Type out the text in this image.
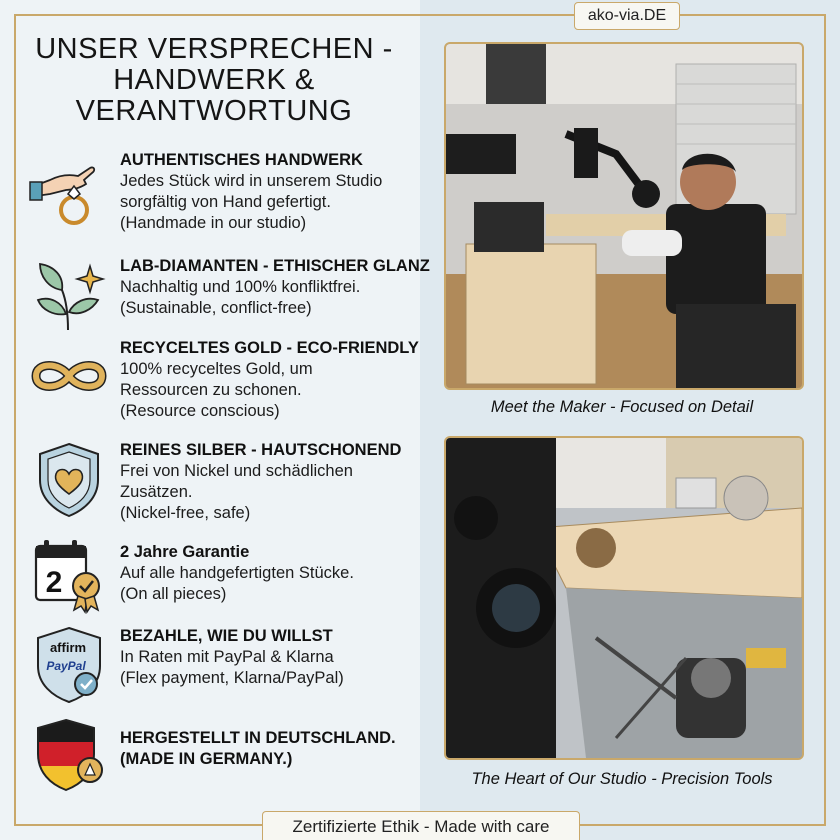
ako-via.DE
UNSER VERSPRECHEN - HANDWERK & VERANTWORTUNG
AUTHENTISCHES HANDWERK
Jedes Stück wird in unserem Studio
sorgfältig von Hand gefertigt.
(Handmade in our studio)
LAB-DIAMANTEN - ETHISCHER GLANZ
Nachhaltig und 100% konfliktfrei.
(Sustainable, conflict-free)
RECYCELTES GOLD - ECO-FRIENDLY
100% recyceltes Gold, um
Ressourcen zu schonen.
(Resource conscious)
REINES SILBER - HAUTSCHONEND
Frei von Nickel und schädlichen
Zusätzen.
(Nickel-free, safe)
2
2 Jahre Garantie
Auf alle handgefertigten Stücke.
(On all pieces)
affirm
PayPal
BEZAHLE, WIE DU WILLST
In Raten mit PayPal & Klarna
(Flex payment, Klarna/PayPal)
HERGESTELLT IN DEUTSCHLAND.
(MADE IN GERMANY.)
Meet the Maker - Focused on Detail
The Heart of Our Studio - Precision Tools
Zertifizierte Ethik - Made with care
